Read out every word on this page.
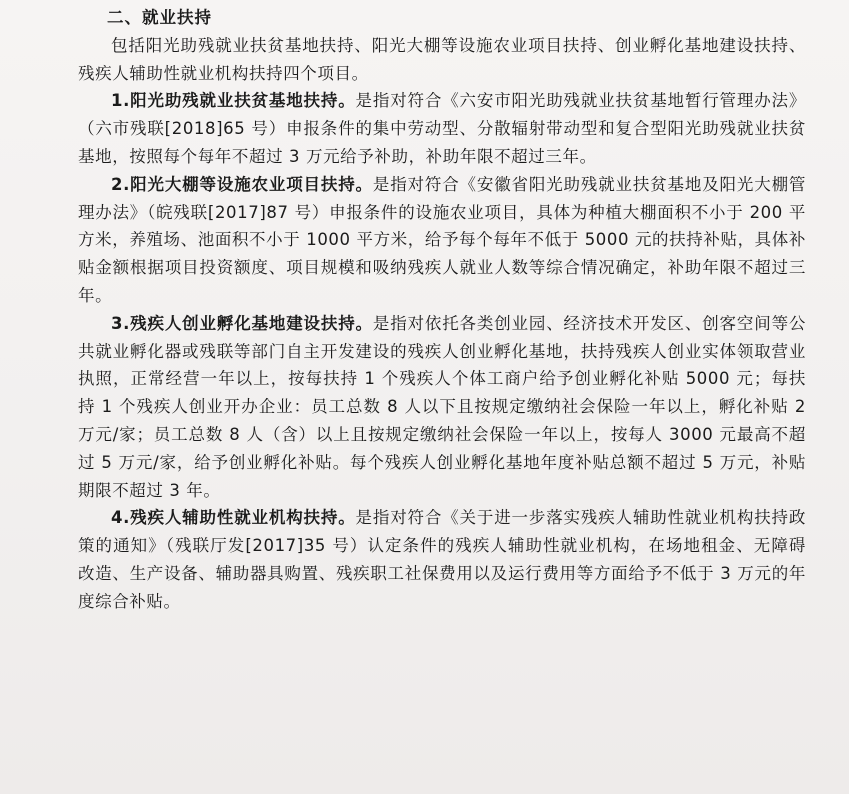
二、就业扶持

包括阳光助残就业扶贫基地扶持、阳光大棚等设施农业项目扶持、创业孵化基地建设扶持、残疾人辅助性就业机构扶持四个项目。

1.阳光助残就业扶贫基地扶持。是指对符合《六安市阳光助残就业扶贫基地暂行管理办法》（六市残联[2018]65 号）申报条件的集中劳动型、分散辐射带动型和复合型阳光助残就业扶贫基地，按照每个每年不超过 3 万元给予补助，补助年限不超过三年。

2.阳光大棚等设施农业项目扶持。是指对符合《安徽省阳光助残就业扶贫基地及阳光大棚管理办法》（皖残联[2017]87 号）申报条件的设施农业项目，具体为种植大棚面积不小于 200 平方米，养殖场、池面积不小于 1000 平方米，给予每个每年不低于 5000 元的扶持补贴，具体补贴金额根据项目投资额度、项目规模和吸纳残疾人就业人数等综合情况确定，补助年限不超过三年。

3.残疾人创业孵化基地建设扶持。是指对依托各类创业园、经济技术开发区、创客空间等公共就业孵化器或残联等部门自主开发建设的残疾人创业孵化基地，扶持残疾人创业实体领取营业执照，正常经营一年以上，按每扶持 1 个残疾人个体工商户给予创业孵化补贴 5000 元；每扶持 1 个残疾人创业开办企业：员工总数 8 人以下且按规定缴纳社会保险一年以上，孵化补贴 2 万元/家；员工总数 8 人（含）以上且按规定缴纳社会保险一年以上，按每人 3000 元最高不超过 5 万元/家，给予创业孵化补贴。每个残疾人创业孵化基地年度补贴总额不超过 5 万元，补贴期限不超过 3 年。

4.残疾人辅助性就业机构扶持。是指对符合《关于进一步落实残疾人辅助性就业机构扶持政策的通知》（残联厅发[2017]35 号）认定条件的残疾人辅助性就业机构，在场地租金、无障碍改造、生产设备、辅助器具购置、残疾职工社保费用以及运行费用等方面给予不低于 3 万元的年度综合补贴。
